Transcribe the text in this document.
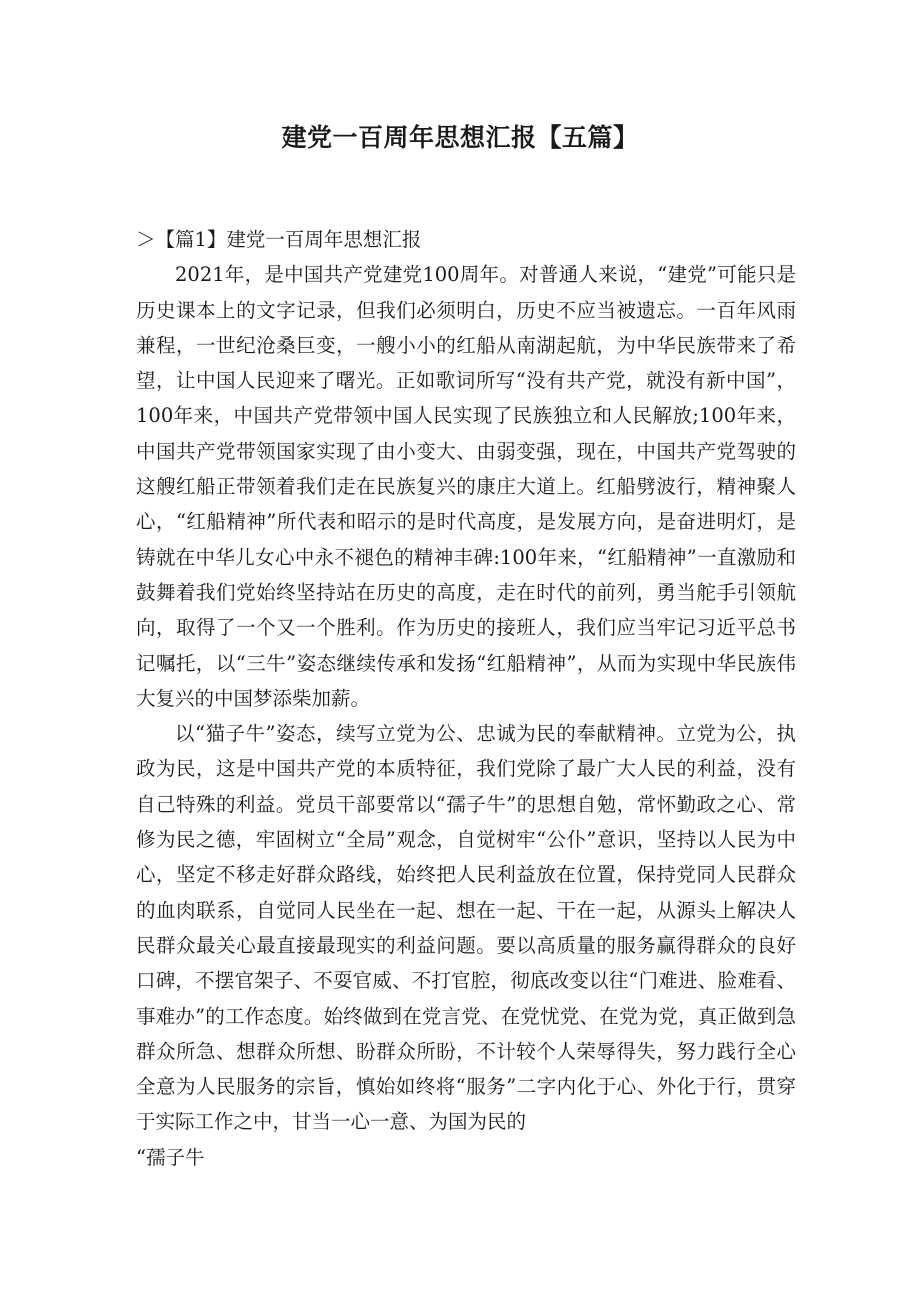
建党一百周年思想汇报【五篇】

＞【篇1】建党一百周年思想汇报

2021年，是中国共产党建党100周年。对普通人来说，“建党”可能只是历史课本上的文字记录，但我们必须明白，历史不应当被遗忘。一百年风雨兼程，一世纪沧桑巨变，一艘小小的红船从南湖起航，为中华民族带来了希望，让中国人民迎来了曙光。正如歌词所写“没有共产党，就没有新中国”，100年来，中国共产党带领中国人民实现了民族独立和人民解放;100年来，中国共产党带领国家实现了由小变大、由弱变强，现在，中国共产党驾驶的这艘红船正带领着我们走在民族复兴的康庄大道上。红船劈波行，精神聚人心，“红船精神”所代表和昭示的是时代高度，是发展方向，是奋进明灯，是铸就在中华儿女心中永不褪色的精神丰碑:100年来，“红船精神”一直激励和鼓舞着我们党始终坚持站在历史的高度，走在时代的前列，勇当舵手引领航向，取得了一个又一个胜利。作为历史的接班人，我们应当牢记习近平总书记嘱托，以“三牛”姿态继续传承和发扬“红船精神”，从而为实现中华民族伟大复兴的中国梦添柴加薪。

以“猫子牛”姿态，续写立党为公、忠诚为民的奉献精神。立党为公，执政为民，这是中国共产党的本质特征，我们党除了最广大人民的利益，没有自己特殊的利益。党员干部要常以“孺子牛”的思想自勉，常怀勤政之心、常修为民之德，牢固树立“全局”观念，自觉树牢“公仆”意识，坚持以人民为中心，坚定不移走好群众路线，始终把人民利益放在位置，保持党同人民群众的血肉联系，自觉同人民坐在一起、想在一起、干在一起，从源头上解决人民群众最关心最直接最现实的利益问题。要以高质量的服务赢得群众的良好口碑，不摆官架子、不耍官威、不打官腔，彻底改变以往“门难进、脸难看、事难办”的工作态度。始终做到在党言党、在党忧党、在党为党，真正做到急群众所急、想群众所想、盼群众所盼，不计较个人荣辱得失，努力践行全心全意为人民服务的宗旨，慎始如终将“服务”二字内化于心、外化于行，贯穿于实际工作之中，甘当一心一意、为国为民的

“孺子牛
